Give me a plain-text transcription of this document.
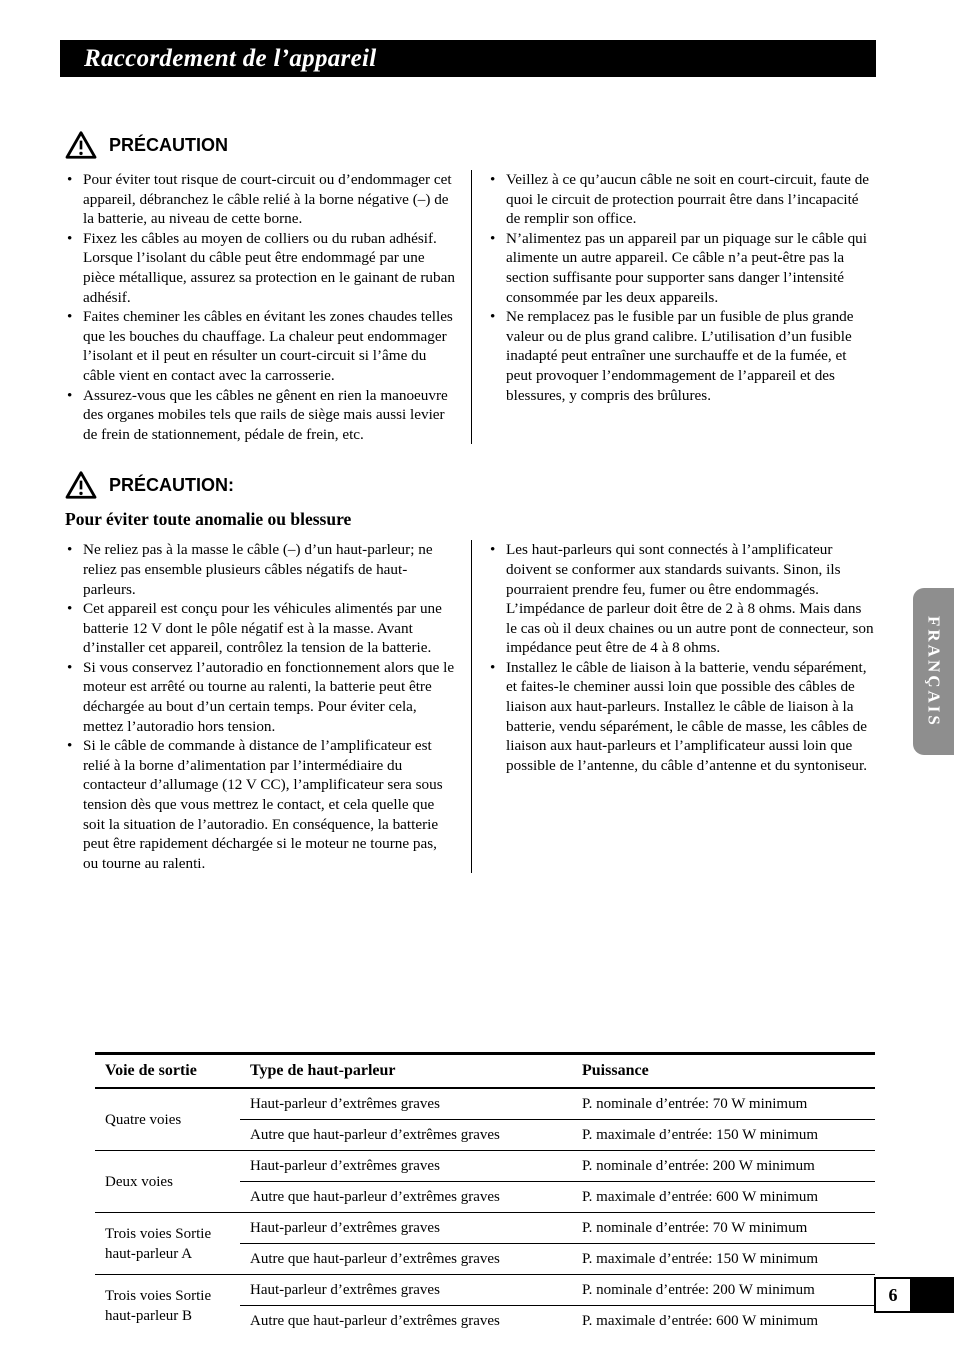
Raccordement de l’appareil
PRÉCAUTION
• Pour éviter tout risque de court-circuit ou d’endommager cet appareil, débranchez le câble relié à la borne négative (–) de la batterie, au niveau de cette borne.
• Fixez les câbles au moyen de colliers ou du ruban adhésif. Lorsque l’isolant du câble peut être endommagé par une pièce métallique, assurez sa protection en le gainant de ruban adhésif.
• Faites cheminer les câbles en évitant les zones chaudes telles que les bouches du chauffage. La chaleur peut endommager l’isolant et il peut en résulter un court-circuit si l’âme du câble vient en contact avec la carrosserie.
• Assurez-vous que les câbles ne gênent en rien la manoeuvre des organes mobiles tels que rails de siège mais aussi levier de frein de stationnement, pédale de frein, etc.
• Veillez à ce qu’aucun câble ne soit en court-circuit, faute de quoi le circuit de protection pourrait être dans l’incapacité de remplir son office.
• N’alimentez pas un appareil par un piquage sur le câble qui alimente un autre appareil. Ce câble n’a peut-être pas la section suffisante pour supporter sans danger l’intensité consommée par les deux appareils.
• Ne remplacez pas le fusible par un fusible de plus grande valeur ou de plus grand calibre. L’utilisation d’un fusible inadapté peut entraîner une surchauffe et de la fumée, et peut provoquer l’endommagement de l’appareil et des blessures, y compris des brûlures.
PRÉCAUTION:
Pour éviter toute anomalie ou blessure
• Ne reliez pas à la masse le câble (–) d’un haut-parleur; ne reliez pas ensemble plusieurs câbles négatifs de haut-parleurs.
• Cet appareil est conçu pour les véhicules alimentés par une batterie 12 V dont le pôle négatif est à la masse. Avant d’installer cet appareil, contrôlez la tension de la batterie.
• Si vous conservez l’autoradio en fonctionnement alors que le moteur est arrêté ou tourne au ralenti, la batterie peut être déchargée au bout d’un certain temps. Pour éviter cela, mettez l’autoradio hors tension.
• Si le câble de commande à distance de l’amplificateur est relié à la borne d’alimentation par l’intermédiaire du contacteur d’allumage (12 V CC), l’amplificateur sera sous tension dès que vous mettrez le contact, et cela quelle que soit la situation de l’autoradio. En conséquence, la batterie peut être rapidement déchargée si le moteur ne tourne pas, ou tourne au ralenti.
• Les haut-parleurs qui sont connectés à l’amplificateur doivent se conformer aux standards suivants. Sinon, ils pourraient prendre feu, fumer ou être endommagés. L’impédance de parleur doit être de 2 à 8 ohms. Mais dans le cas où il deux chaines ou un autre pont de connecteur, son impédance peut être de 4 à 8 ohms.
• Installez le câble de liaison à la batterie, vendu séparément, et faites-le cheminer aussi loin que possible des câbles de liaison aux haut-parleurs. Installez le câble de liaison à la batterie, vendu séparément, le câble de masse, les câbles de liaison aux haut-parleurs et l’amplificateur aussi loin que possible de l’antenne, du câble d’antenne et du syntoniseur.
FRANÇAIS
Voie de sortie	Type de haut-parleur	Puissance
Quatre voies	Haut-parleur d’extrêmes graves	P. nominale d’entrée: 70 W minimum
	Autre que haut-parleur d’extrêmes graves	P. maximale d’entrée: 150 W minimum
Deux voies	Haut-parleur d’extrêmes graves	P. nominale d’entrée: 200 W minimum
	Autre que haut-parleur d’extrêmes graves	P. maximale d’entrée: 600 W minimum
Trois voies Sortie haut-parleur A	Haut-parleur d’extrêmes graves	P. nominale d’entrée: 70 W minimum
	Autre que haut-parleur d’extrêmes graves	P. maximale d’entrée: 150 W minimum
Trois voies Sortie haut-parleur B	Haut-parleur d’extrêmes graves	P. nominale d’entrée: 200 W minimum
	Autre que haut-parleur d’extrêmes graves	P. maximale d’entrée: 600 W minimum
6
